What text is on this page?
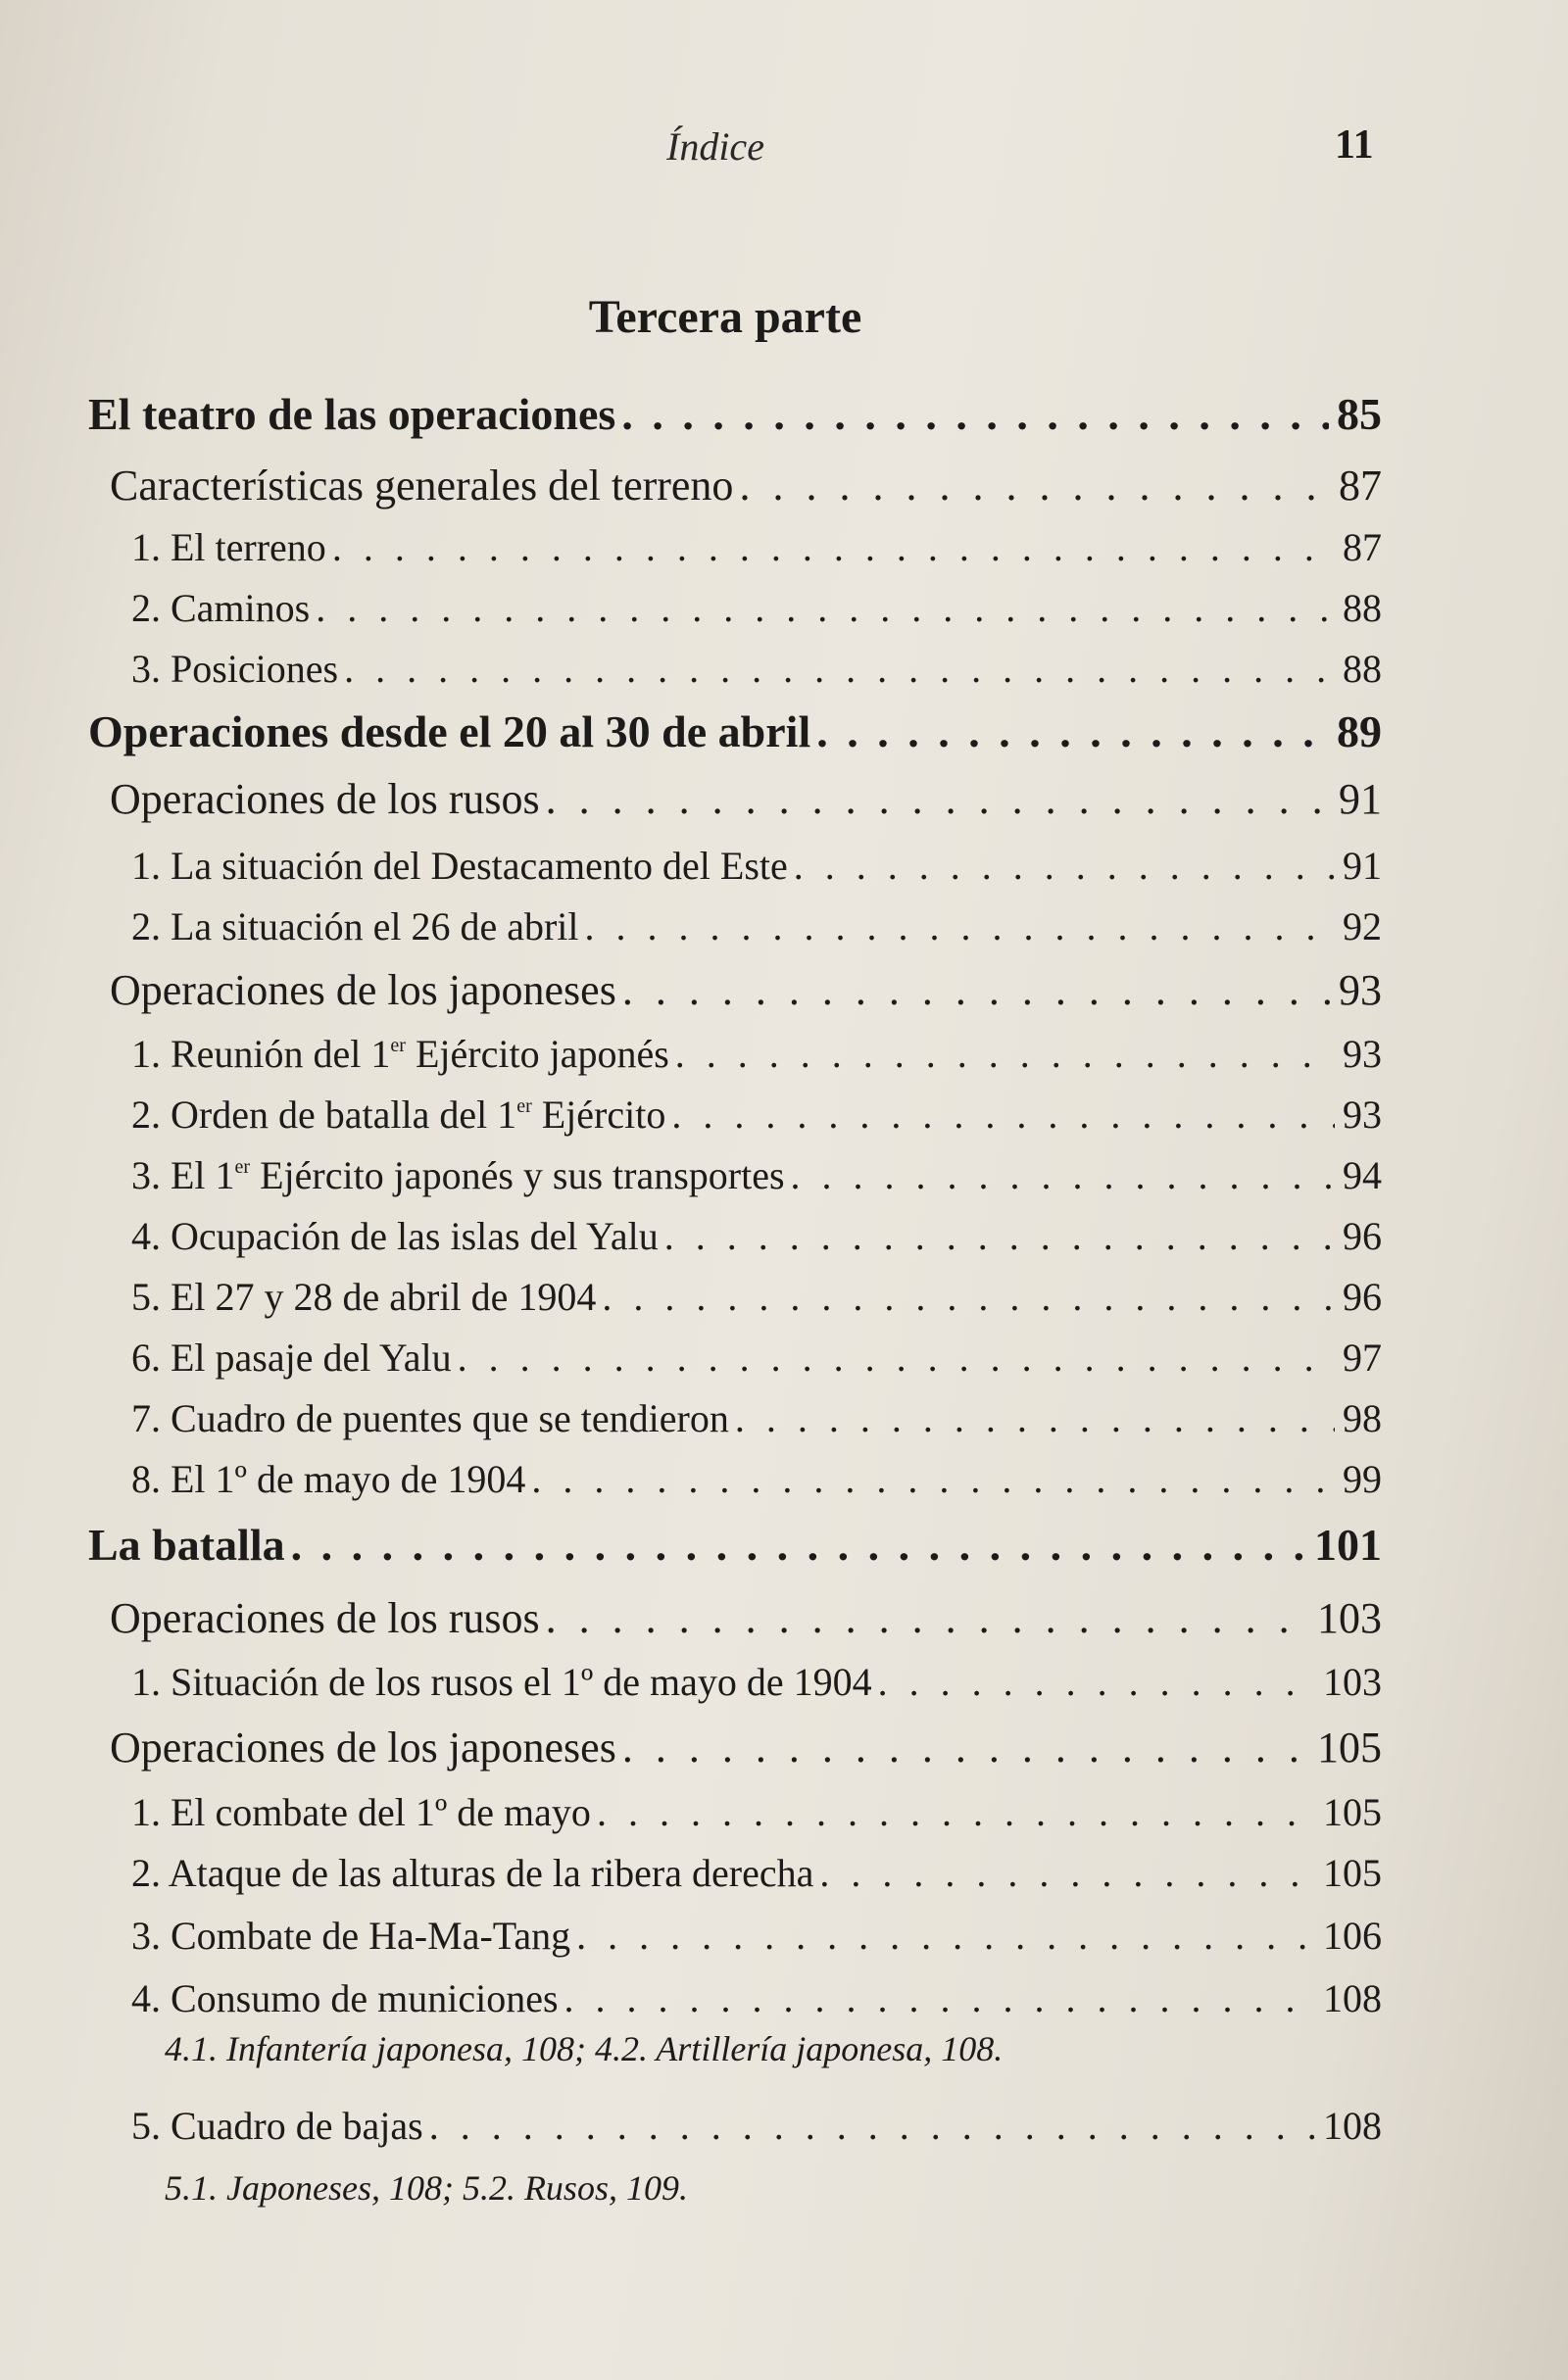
Índice	11
Tercera parte
El teatro de las operaciones . . .	85
Características generales del terreno . . .	87
1. El terreno . . .	87
2. Caminos . . .	88
3. Posiciones . . .	88
Operaciones desde el 20 al 30 de abril . . .	89
Operaciones de los rusos . . .	91
1. La situación del Destacamento del Este . . .	91
2. La situación el 26 de abril . . .	92
Operaciones de los japoneses . . .	93
1. Reunión del 1er Ejército japonés . . .	93
2. Orden de batalla del 1er Ejército . . .	93
3. El 1er Ejército japonés y sus transportes . . .	94
4. Ocupación de las islas del Yalu . . .	96
5. El 27 y 28 de abril de 1904 . . .	96
6. El pasaje del Yalu . . .	97
7. Cuadro de puentes que se tendieron . . .	98
8. El 1º de mayo de 1904 . . .	99
La batalla . . .	101
Operaciones de los rusos . . .	103
1. Situación de los rusos el 1º de mayo de 1904 . . .	103
Operaciones de los japoneses . . .	105
1. El combate del 1º de mayo . . .	105
2. Ataque de las alturas de la ribera derecha . . .	105
3. Combate de Ha-Ma-Tang . . .	106
4. Consumo de municiones . . .	108
4.1. Infantería japonesa, 108; 4.2. Artillería japonesa, 108.
5. Cuadro de bajas . . .	108
5.1. Japoneses, 108; 5.2. Rusos, 109.
